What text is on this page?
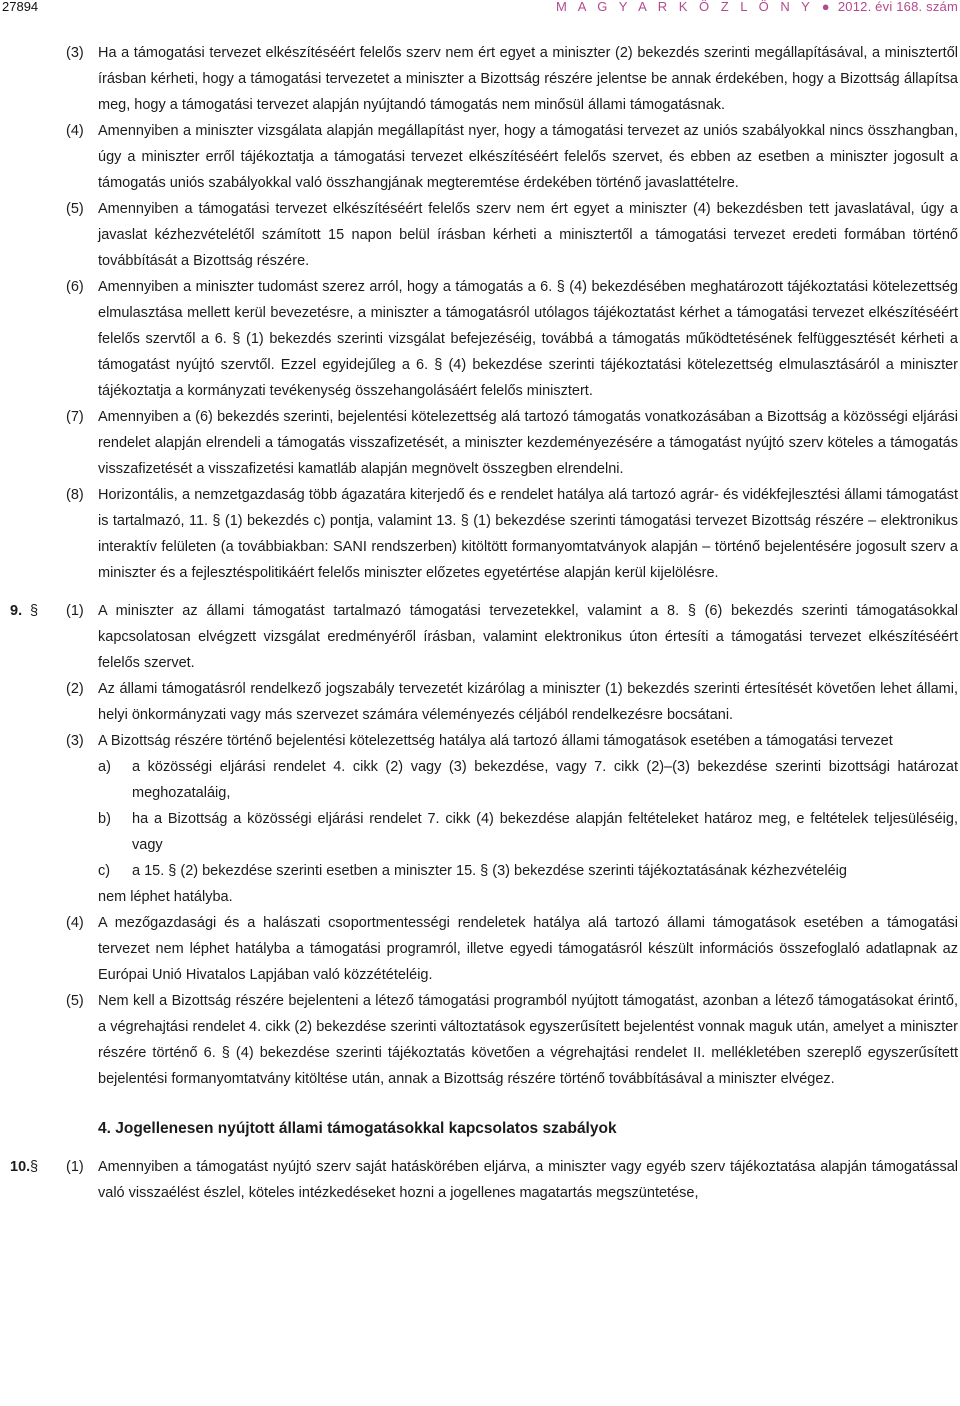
27894	M A G Y A R K Ö Z L Ö N Y ● 2012. évi 168. szám
(3) Ha a támogatási tervezet elkészítéséért felelős szerv nem ért egyet a miniszter (2) bekezdés szerinti megállapításával, a minisztertől írásban kérheti, hogy a támogatási tervezetet a miniszter a Bizottság részére jelentse be annak érdekében, hogy a Bizottság állapítsa meg, hogy a támogatási tervezet alapján nyújtandó támogatás nem minősül állami támogatásnak.
(4) Amennyiben a miniszter vizsgálata alapján megállapítást nyer, hogy a támogatási tervezet az uniós szabályokkal nincs összhangban, úgy a miniszter erről tájékoztatja a támogatási tervezet elkészítéséért felelős szervet, és ebben az esetben a miniszter jogosult a támogatás uniós szabályokkal való összhangjának megteremtése érdekében történő javaslattételre.
(5) Amennyiben a támogatási tervezet elkészítéséért felelős szerv nem ért egyet a miniszter (4) bekezdésben tett javaslatával, úgy a javaslat kézhezvételétől számított 15 napon belül írásban kérheti a minisztertől a támogatási tervezet eredeti formában történő továbbítását a Bizottság részére.
(6) Amennyiben a miniszter tudomást szerez arról, hogy a támogatás a 6. § (4) bekezdésében meghatározott tájékoztatási kötelezettség elmulasztása mellett kerül bevezetésre, a miniszter a támogatásról utólagos tájékoztatást kérhet a támogatási tervezet elkészítéséért felelős szervtől a 6. § (1) bekezdés szerinti vizsgálat befejezéséig, továbbá a támogatás működtetésének felfüggesztését kérheti a támogatást nyújtó szervtől. Ezzel egyidejűleg a 6. § (4) bekezdése szerinti tájékoztatási kötelezettség elmulasztásáról a miniszter tájékoztatja a kormányzati tevékenység összehangolásáért felelős minisztert.
(7) Amennyiben a (6) bekezdés szerinti, bejelentési kötelezettség alá tartozó támogatás vonatkozásában a Bizottság a közösségi eljárási rendelet alapján elrendeli a támogatás visszafizetését, a miniszter kezdeményezésére a támogatást nyújtó szerv köteles a támogatás visszafizetését a visszafizetési kamatláb alapján megnövelt összegben elrendelni.
(8) Horizontális, a nemzetgazdaság több ágazatára kiterjedő és e rendelet hatálya alá tartozó agrár- és vidékfejlesztési állami támogatást is tartalmazó, 11. § (1) bekezdés c) pontja, valamint 13. § (1) bekezdése szerinti támogatási tervezet Bizottság részére – elektronikus interaktív felületen (a továbbiakban: SANI rendszerben) kitöltött formanyomtatványok alapján – történő bejelentésére jogosult szerv a miniszter és a fejlesztéspolitikáért felelős miniszter előzetes egyetértése alapján kerül kijelölésre.
9. § (1) A miniszter az állami támogatást tartalmazó támogatási tervezetekkel, valamint a 8. § (6) bekezdés szerinti támogatásokkal kapcsolatosan elvégzett vizsgálat eredményéről írásban, valamint elektronikus úton értesíti a támogatási tervezet elkészítéséért felelős szervet.
(2) Az állami támogatásról rendelkező jogszabály tervezetét kizárólag a miniszter (1) bekezdés szerinti értesítését követően lehet állami, helyi önkormányzati vagy más szervezet számára véleményezés céljából rendelkezésre bocsátani.
(3) A Bizottság részére történő bejelentési kötelezettség hatálya alá tartozó állami támogatások esetében a támogatási tervezet
a) a közösségi eljárási rendelet 4. cikk (2) vagy (3) bekezdése, vagy 7. cikk (2)–(3) bekezdése szerinti bizottsági határozat meghozataláig,
b) ha a Bizottság a közösségi eljárási rendelet 7. cikk (4) bekezdése alapján feltételeket határoz meg, e feltételek teljesüléséig, vagy
c) a 15. § (2) bekezdése szerinti esetben a miniszter 15. § (3) bekezdése szerinti tájékoztatásának kézhezvételéig
nem léphet hatályba.
(4) A mezőgazdasági és a halászati csoportmentességi rendeletek hatálya alá tartozó állami támogatások esetében a támogatási tervezet nem léphet hatályba a támogatási programról, illetve egyedi támogatásról készült információs összefoglaló adatlapnak az Európai Unió Hivatalos Lapjában való közzétételéig.
(5) Nem kell a Bizottság részére bejelenteni a létező támogatási programból nyújtott támogatást, azonban a létező támogatásokat érintő, a végrehajtási rendelet 4. cikk (2) bekezdése szerinti változtatások egyszerűsített bejelentést vonnak maguk után, amelyet a miniszter részére történő 6. § (4) bekezdése szerinti tájékoztatás követően a végrehajtási rendelet II. mellékletében szereplő egyszerűsített bejelentési formanyomtatvány kitöltése után, annak a Bizottság részére történő továbbításával a miniszter elvégez.
4. Jogellenesen nyújtott állami támogatásokkal kapcsolatos szabályok
10. § (1) Amennyiben a támogatást nyújtó szerv saját hatáskörében eljárva, a miniszter vagy egyéb szerv tájékoztatása alapján támogatással való visszaélést észlel, köteles intézkedéseket hozni a jogellenes magatartás megszüntetése,
